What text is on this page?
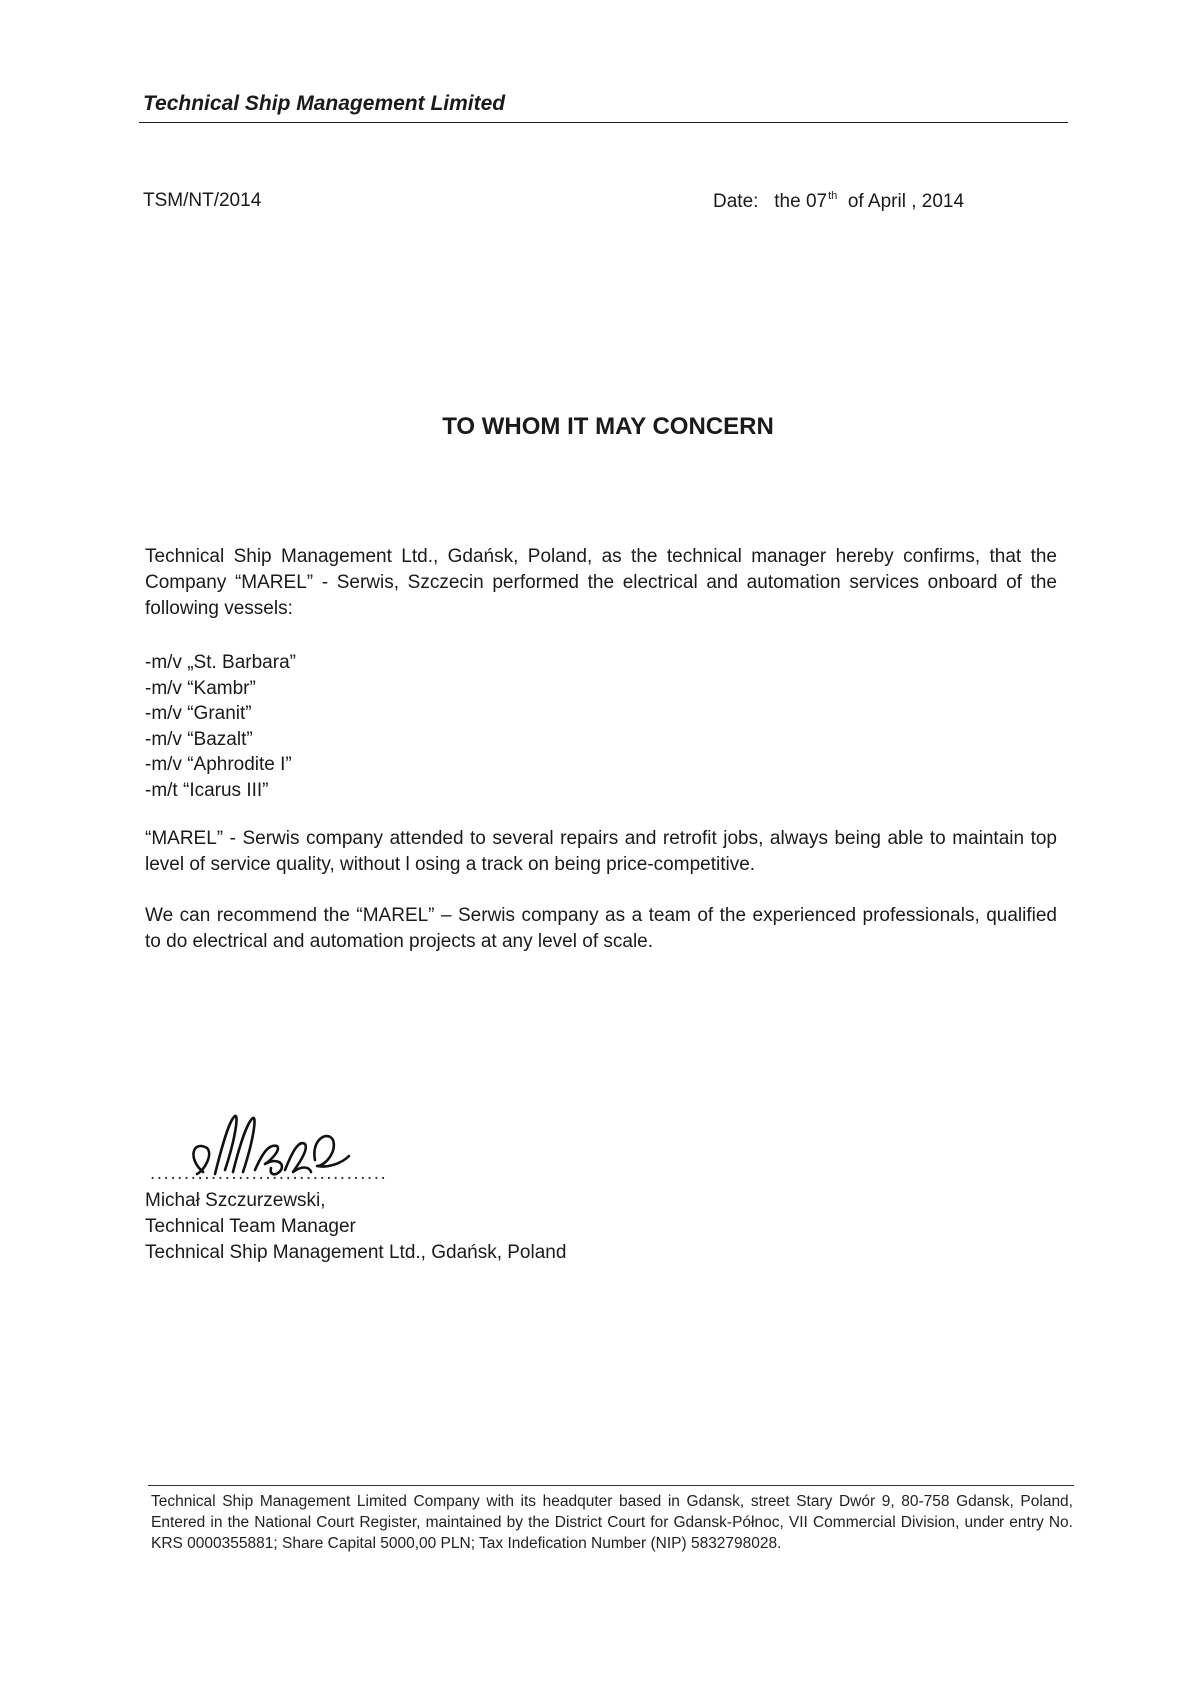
Technical Ship Management Limited
TSM/NT/2014	Date: the 07th of April , 2014
TO WHOM IT MAY CONCERN
Technical Ship Management Ltd., Gdańsk, Poland, as the technical manager hereby confirms, that the Company “MAREL” - Serwis, Szczecin performed the electrical and automation services onboard of the following vessels:
-m/v „St. Barbara”
-m/v “Kambr”
-m/v “Granit”
-m/v “Bazalt”
-m/v “Aphrodite I”
-m/t “Icarus III”
“MAREL” - Serwis company attended to several repairs and retrofit jobs, always being able to maintain top level of service quality, without l osing a track on being price-competitive.
We can recommend the “MAREL” – Serwis company as a team of the experienced professionals, qualified to do electrical and automation projects at any level of scale.
...................................
Michał Szczurzewski,
Technical Team Manager
Technical Ship Management Ltd., Gdańsk, Poland
Technical Ship Management Limited Company with its headquter based in Gdansk, street Stary Dwór 9, 80-758 Gdansk, Poland, Entered in the National Court Register, maintained by the District Court for Gdansk-Północ, VII Commercial Division, under entry No. KRS 0000355881; Share Capital 5000,00 PLN; Tax Indefication Number (NIP) 5832798028.
